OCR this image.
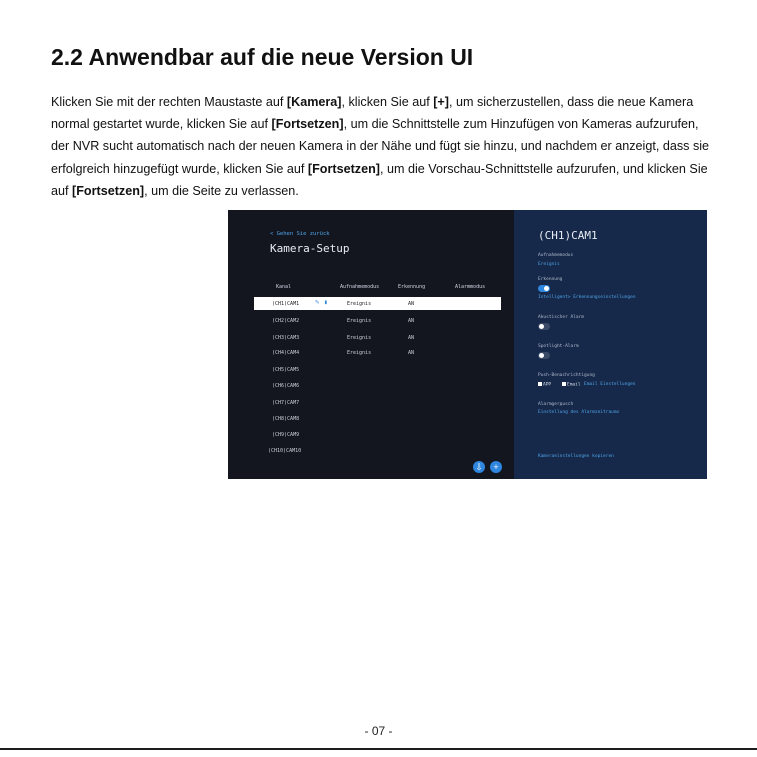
2.2 Anwendbar auf die neue Version UI

Klicken Sie mit der rechten Maustaste auf [Kamera], klicken Sie auf [+], um sicherzustellen, dass die neue Kamera normal gestartet wurde, klicken Sie auf [Fortsetzen], um die Schnittstelle zum Hinzufügen von Kameras aufzurufen, der NVR sucht automatisch nach der neuen Kamera in der Nähe und fügt sie hinzu, und nachdem er anzeigt, dass sie erfolgreich hinzugefügt wurde, klicken Sie auf [Fortsetzen], um die Vorschau-Schnittstelle aufzurufen, und klicken Sie auf [Fortsetzen], um die Seite zu verlassen.

< Gehen Sie zurück
Kamera-Setup
Kanal	Aufnahmemodus	Erkennung	Alarmmodus
(CH1)CAM1 ✎ ▮	Ereignis	AN
(CH2)CAM2	Ereignis	AN
(CH3)CAM3	Ereignis	AN
(CH4)CAM4	Ereignis	AN
(CH5)CAM5
(CH6)CAM6
(CH7)CAM7
(CH8)CAM8
(CH9)CAM9
(CH10)CAM10
⇩	+
(CH1)CAM1
Aufnahmemodus
Ereignis
Erkennung
Intelligent> Erkennungseinstellungen
Akustischer Alarm
Spotlight-Alarm
Push-Benachrichtigung
APP	Email Email Einstellungen
Alarmgerдusch
Einstellung des Alarmzeitraums
Kameraeinstellungen kopieren
- 07 -
